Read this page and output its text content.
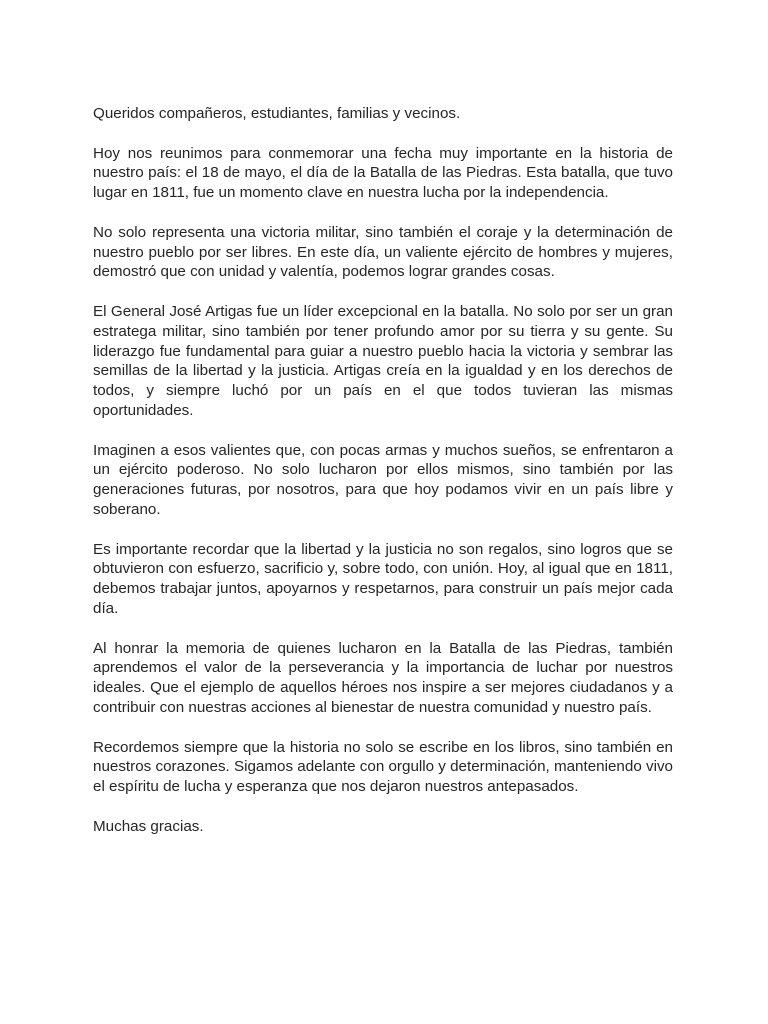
Queridos compañeros, estudiantes, familias y vecinos.

Hoy nos reunimos para conmemorar una fecha muy importante en la historia de nuestro país: el 18 de mayo, el día de la Batalla de las Piedras. Esta batalla, que tuvo lugar en 1811, fue un momento clave en nuestra lucha por la independencia.

No solo representa una victoria militar, sino también el coraje y la determinación de nuestro pueblo por ser libres. En este día, un valiente ejército de hombres y mujeres, demostró que con unidad y valentía, podemos lograr grandes cosas.

El General José Artigas fue un líder excepcional en la batalla. No solo por ser un gran estratega militar, sino también por tener profundo amor por su tierra y su gente. Su liderazgo fue fundamental para guiar a nuestro pueblo hacia la victoria y sembrar las semillas de la libertad y la justicia. Artigas creía en la igualdad y en los derechos de todos, y siempre luchó por un país en el que todos tuvieran las mismas oportunidades.

Imaginen a esos valientes que, con pocas armas y muchos sueños, se enfrentaron a un ejército poderoso. No solo lucharon por ellos mismos, sino también por las generaciones futuras, por nosotros, para que hoy podamos vivir en un país libre y soberano.

Es importante recordar que la libertad y la justicia no son regalos, sino logros que se obtuvieron con esfuerzo, sacrificio y, sobre todo, con unión. Hoy, al igual que en 1811, debemos trabajar juntos, apoyarnos y respetarnos, para construir un país mejor cada día.

Al honrar la memoria de quienes lucharon en la Batalla de las Piedras, también aprendemos el valor de la perseverancia y la importancia de luchar por nuestros ideales. Que el ejemplo de aquellos héroes nos inspire a ser mejores ciudadanos y a contribuir con nuestras acciones al bienestar de nuestra comunidad y nuestro país.

Recordemos siempre que la historia no solo se escribe en los libros, sino también en nuestros corazones. Sigamos adelante con orgullo y determinación, manteniendo vivo el espíritu de lucha y esperanza que nos dejaron nuestros antepasados.

Muchas gracias.
